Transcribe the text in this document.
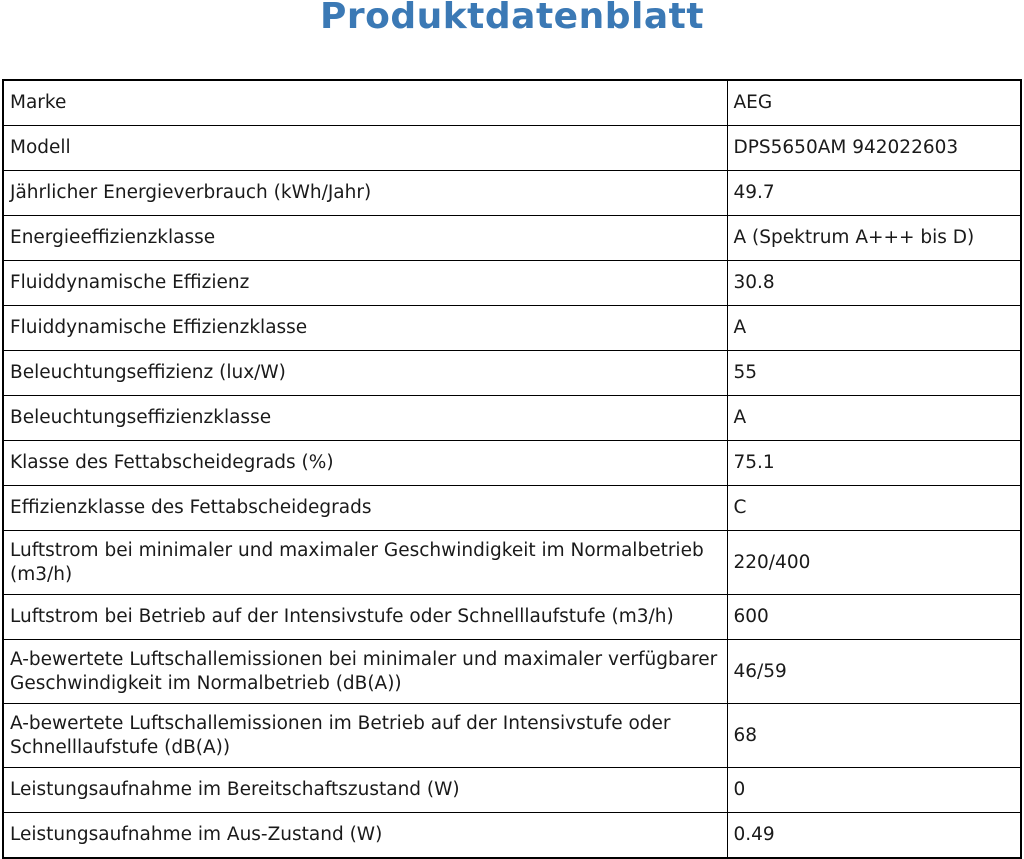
Produktdatenblatt
Marke	AEG
Modell	DPS5650AM 942022603
Jährlicher Energieverbrauch (kWh/Jahr)	49.7
Energieeffizienzklasse	A (Spektrum A+++ bis D)
Fluiddynamische Effizienz	30.8
Fluiddynamische Effizienzklasse	A
Beleuchtungseffizienz (lux/W)	55
Beleuchtungseffizienzklasse	A
Klasse des Fettabscheidegrads (%)	75.1
Effizienzklasse des Fettabscheidegrads	C
Luftstrom bei minimaler und maximaler Geschwindigkeit im Normalbetrieb (m3/h)	220/400
Luftstrom bei Betrieb auf der Intensivstufe oder Schnelllaufstufe (m3/h)	600
A-bewertete Luftschallemissionen bei minimaler und maximaler verfügbarer Geschwindigkeit im Normalbetrieb (dB(A))	46/59
A-bewertete Luftschallemissionen im Betrieb auf der Intensivstufe oder Schnelllaufstufe (dB(A))	68
Leistungsaufnahme im Bereitschaftszustand (W)	0
Leistungsaufnahme im Aus-Zustand (W)	0.49
